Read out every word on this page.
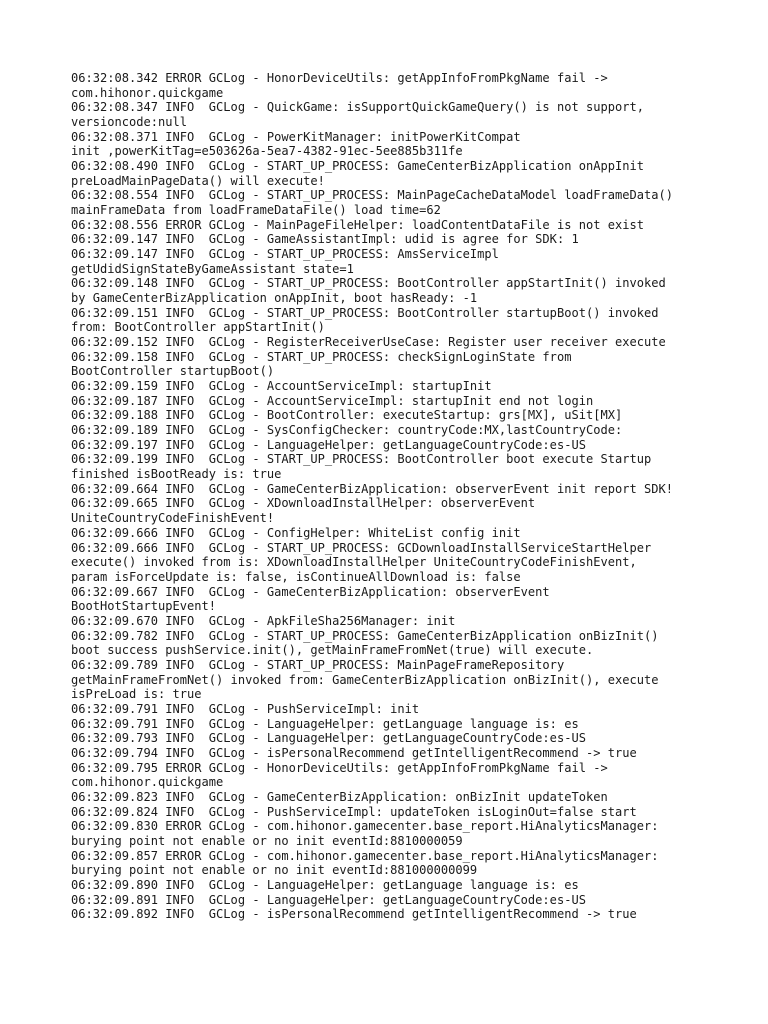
06:32:08.342 ERROR GCLog - HonorDeviceUtils: getAppInfoFromPkgName fail ->
com.hihonor.quickgame
06:32:08.347 INFO  GCLog - QuickGame: isSupportQuickGameQuery() is not support,
versioncode:null
06:32:08.371 INFO  GCLog - PowerKitManager: initPowerKitCompat
init ,powerKitTag=e503626a-5ea7-4382-91ec-5ee885b311fe
06:32:08.490 INFO  GCLog - START_UP_PROCESS: GameCenterBizApplication onAppInit
preLoadMainPageData() will execute!
06:32:08.554 INFO  GCLog - START_UP_PROCESS: MainPageCacheDataModel loadFrameData()
mainFrameData from loadFrameDataFile() load time=62
06:32:08.556 ERROR GCLog - MainPageFileHelper: loadContentDataFile is not exist
06:32:09.147 INFO  GCLog - GameAssistantImpl: udid is agree for SDK: 1
06:32:09.147 INFO  GCLog - START_UP_PROCESS: AmsServiceImpl
getUdidSignStateByGameAssistant state=1
06:32:09.148 INFO  GCLog - START_UP_PROCESS: BootController appStartInit() invoked
by GameCenterBizApplication onAppInit, boot hasReady: -1
06:32:09.151 INFO  GCLog - START_UP_PROCESS: BootController startupBoot() invoked
from: BootController appStartInit()
06:32:09.152 INFO  GCLog - RegisterReceiverUseCase: Register user receiver execute
06:32:09.158 INFO  GCLog - START_UP_PROCESS: checkSignLoginState from
BootController startupBoot()
06:32:09.159 INFO  GCLog - AccountServiceImpl: startupInit
06:32:09.187 INFO  GCLog - AccountServiceImpl: startupInit end not login
06:32:09.188 INFO  GCLog - BootController: executeStartup: grs[MX], uSit[MX]
06:32:09.189 INFO  GCLog - SysConfigChecker: countryCode:MX,lastCountryCode:
06:32:09.197 INFO  GCLog - LanguageHelper: getLanguageCountryCode:es-US
06:32:09.199 INFO  GCLog - START_UP_PROCESS: BootController boot execute Startup
finished isBootReady is: true
06:32:09.664 INFO  GCLog - GameCenterBizApplication: observerEvent init report SDK!
06:32:09.665 INFO  GCLog - XDownloadInstallHelper: observerEvent
UniteCountryCodeFinishEvent!
06:32:09.666 INFO  GCLog - ConfigHelper: WhiteList config init
06:32:09.666 INFO  GCLog - START_UP_PROCESS: GCDownloadInstallServiceStartHelper
execute() invoked from is: XDownloadInstallHelper UniteCountryCodeFinishEvent,
param isForceUpdate is: false, isContinueAllDownload is: false
06:32:09.667 INFO  GCLog - GameCenterBizApplication: observerEvent
BootHotStartupEvent!
06:32:09.670 INFO  GCLog - ApkFileSha256Manager: init
06:32:09.782 INFO  GCLog - START_UP_PROCESS: GameCenterBizApplication onBizInit()
boot success pushService.init(), getMainFrameFromNet(true) will execute.
06:32:09.789 INFO  GCLog - START_UP_PROCESS: MainPageFrameRepository
getMainFrameFromNet() invoked from: GameCenterBizApplication onBizInit(), execute
isPreLoad is: true
06:32:09.791 INFO  GCLog - PushServiceImpl: init
06:32:09.791 INFO  GCLog - LanguageHelper: getLanguage language is: es
06:32:09.793 INFO  GCLog - LanguageHelper: getLanguageCountryCode:es-US
06:32:09.794 INFO  GCLog - isPersonalRecommend getIntelligentRecommend -> true
06:32:09.795 ERROR GCLog - HonorDeviceUtils: getAppInfoFromPkgName fail ->
com.hihonor.quickgame
06:32:09.823 INFO  GCLog - GameCenterBizApplication: onBizInit updateToken
06:32:09.824 INFO  GCLog - PushServiceImpl: updateToken isLoginOut=false start
06:32:09.830 ERROR GCLog - com.hihonor.gamecenter.base_report.HiAnalyticsManager:
burying point not enable or no init eventId:8810000059
06:32:09.857 ERROR GCLog - com.hihonor.gamecenter.base_report.HiAnalyticsManager:
burying point not enable or no init eventId:881000000099
06:32:09.890 INFO  GCLog - LanguageHelper: getLanguage language is: es
06:32:09.891 INFO  GCLog - LanguageHelper: getLanguageCountryCode:es-US
06:32:09.892 INFO  GCLog - isPersonalRecommend getIntelligentRecommend -> true
